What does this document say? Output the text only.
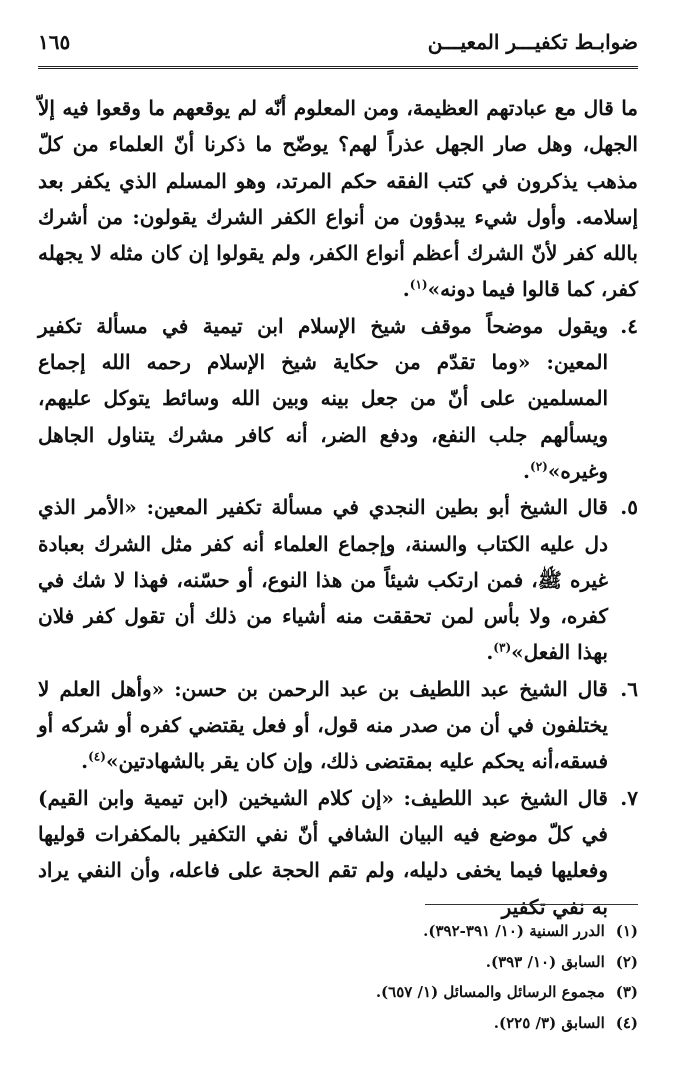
ضوابـط تكفيـــر المعيـــن
١٦٥

ما قال مع عبادتهم العظيمة، ومن المعلوم أنّه لم يوقعهم ما وقعوا فيه إلاّ الجهل، وهل صار الجهل عذراً لهم؟ يوضّح ما ذكرنا أنّ العلماء من كلّ مذهب يذكرون في كتب الفقه حكم المرتد، وهو المسلم الذي يكفر بعد إسلامه. وأول شيء يبدؤون من أنواع الكفر الشرك يقولون: من أشرك بالله كفر لأنّ الشرك أعظم أنواع الكفر، ولم يقولوا إن كان مثله لا يجهله كفر، كما قالوا فيما دونه»$^{(١)}$.

٤.
ويقول موضحاً موقف شيخ الإسلام ابن تيمية في مسألة تكفير المعين: «وما تقدّم من حكاية شيخ الإسلام رحمه الله إجماع المسلمين على أنّ من جعل بينه وبين الله وسائط يتوكل عليهم، ويسألهم جلب النفع، ودفع الضر، أنه كافر مشرك يتناول الجاهل وغيره»$^{(٢)}$.

٥.
قال الشيخ أبو بطين النجدي في مسألة تكفير المعين: «الأمر الذي دل عليه الكتاب والسنة، وإجماع العلماء أنه كفر مثل الشرك بعبادة غيره ﷺ، فمن ارتكب شيئاً من هذا النوع، أو حسّنه، فهذا لا شك في كفره، ولا بأس لمن تحققت منه أشياء من ذلك أن تقول كفر فلان بهذا الفعل»$^{(٣)}$.

٦.
قال الشيخ عبد اللطيف بن عبد الرحمن بن حسن: «وأهل العلم لا يختلفون في أن من صدر منه قول، أو فعل يقتضي كفره أو شركه أو فسقه،أنه يحكم عليه بمقتضى ذلك، وإن كان يقر بالشهادتين»$^{(٤)}$.

٧.
قال الشيخ عبد اللطيف: «إن كلام الشيخين (ابن تيمية وابن القيم) في كلّ موضع فيه البيان الشافي أنّ نفي التكفير بالمكفرات قوليها وفعليها فيما يخفى دليله، ولم تقم الحجة على فاعله، وأن النفي يراد به نفي تكفير

(١) الدرر السنية (١٠/ ٣٩١-٣٩٢).

(٢) السابق (١٠/ ٣٩٣).

(٣) مجموع الرسائل والمسائل (١/ ٦٥٧).

(٤) السابق (٣/ ٢٢٥).
